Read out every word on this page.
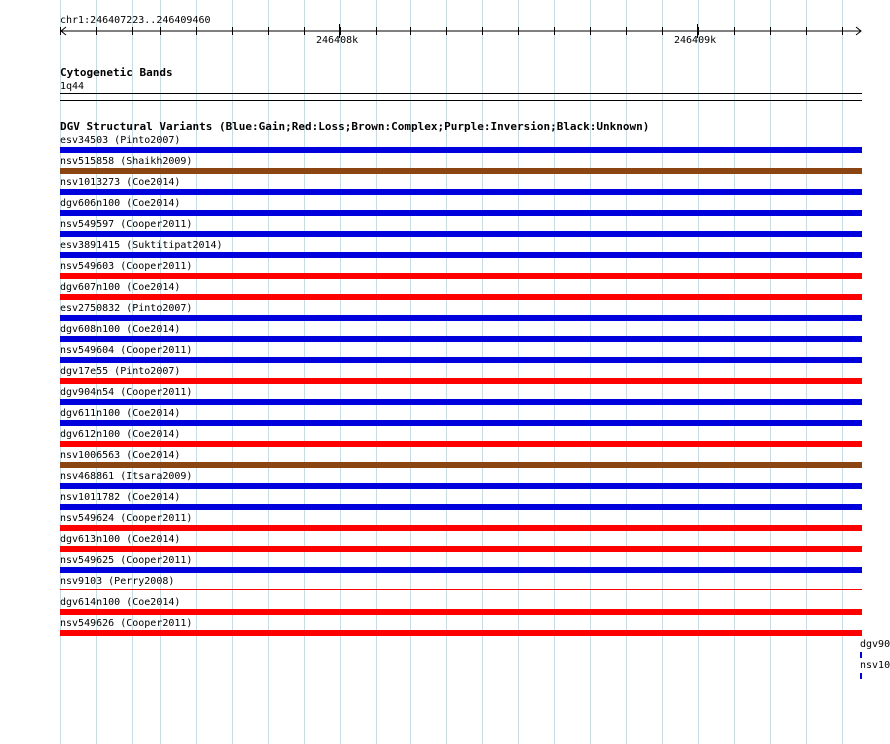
chr1:246407223..246409460
246408k	246409k
Cytogenetic Bands
1q44
DGV Structural Variants (Blue:Gain;Red:Loss;Brown:Complex;Purple:Inversion;Black:Unknown)
esv34503 (Pinto2007)
nsv515858 (Shaikh2009)
nsv1013273 (Coe2014)
dgv606n100 (Coe2014)
nsv549597 (Cooper2011)
esv3891415 (Suktitipat2014)
nsv549603 (Cooper2011)
dgv607n100 (Coe2014)
esv2750832 (Pinto2007)
dgv608n100 (Coe2014)
nsv549604 (Cooper2011)
dgv17e55 (Pinto2007)
dgv904n54 (Cooper2011)
dgv611n100 (Coe2014)
dgv612n100 (Coe2014)
nsv1006563 (Coe2014)
nsv468861 (Itsara2009)
nsv1011782 (Coe2014)
nsv549624 (Cooper2011)
dgv613n100 (Coe2014)
nsv549625 (Cooper2011)
nsv9103 (Perry2008)
dgv614n100 (Coe2014)
nsv549626 (Cooper2011)
dgv90
nsv10
